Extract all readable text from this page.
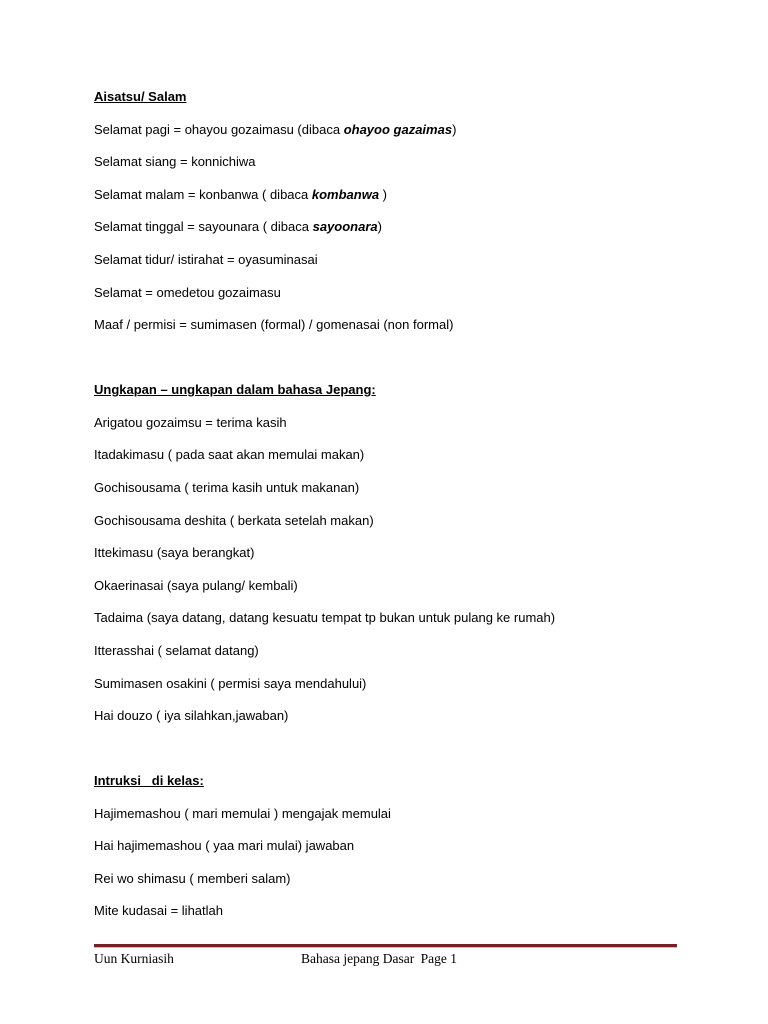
Aisatsu/ Salam

Selamat pagi = ohayou gozaimasu (dibaca ohayoo gazaimas)

Selamat siang = konnichiwa

Selamat malam = konbanwa ( dibaca kombanwa )

Selamat tinggal = sayounara ( dibaca sayoonara)

Selamat tidur/ istirahat = oyasuminasai

Selamat = omedetou gozaimasu

Maaf / permisi = sumimasen (formal) / gomenasai (non formal)

Ungkapan – ungkapan dalam bahasa Jepang:

Arigatou gozaimsu = terima kasih

Itadakimasu ( pada saat akan memulai makan)

Gochisousama ( terima kasih untuk makanan)

Gochisousama deshita ( berkata setelah makan)

Ittekimasu (saya berangkat)

Okaerinasai (saya pulang/ kembali)

Tadaima (saya datang, datang kesuatu tempat tp bukan untuk pulang ke rumah)

Itterasshai ( selamat datang)

Sumimasen osakini ( permisi saya mendahului)

Hai douzo ( iya silahkan,jawaban)

Intruksi   di kelas:

Hajimemashou ( mari memulai ) mengajak memulai

Hai hajimemashou ( yaa mari mulai) jawaban

Rei wo shimasu ( memberi salam)

Mite kudasai = lihatlah

Uun Kurniasih	Bahasa jepang Dasar Page 1
